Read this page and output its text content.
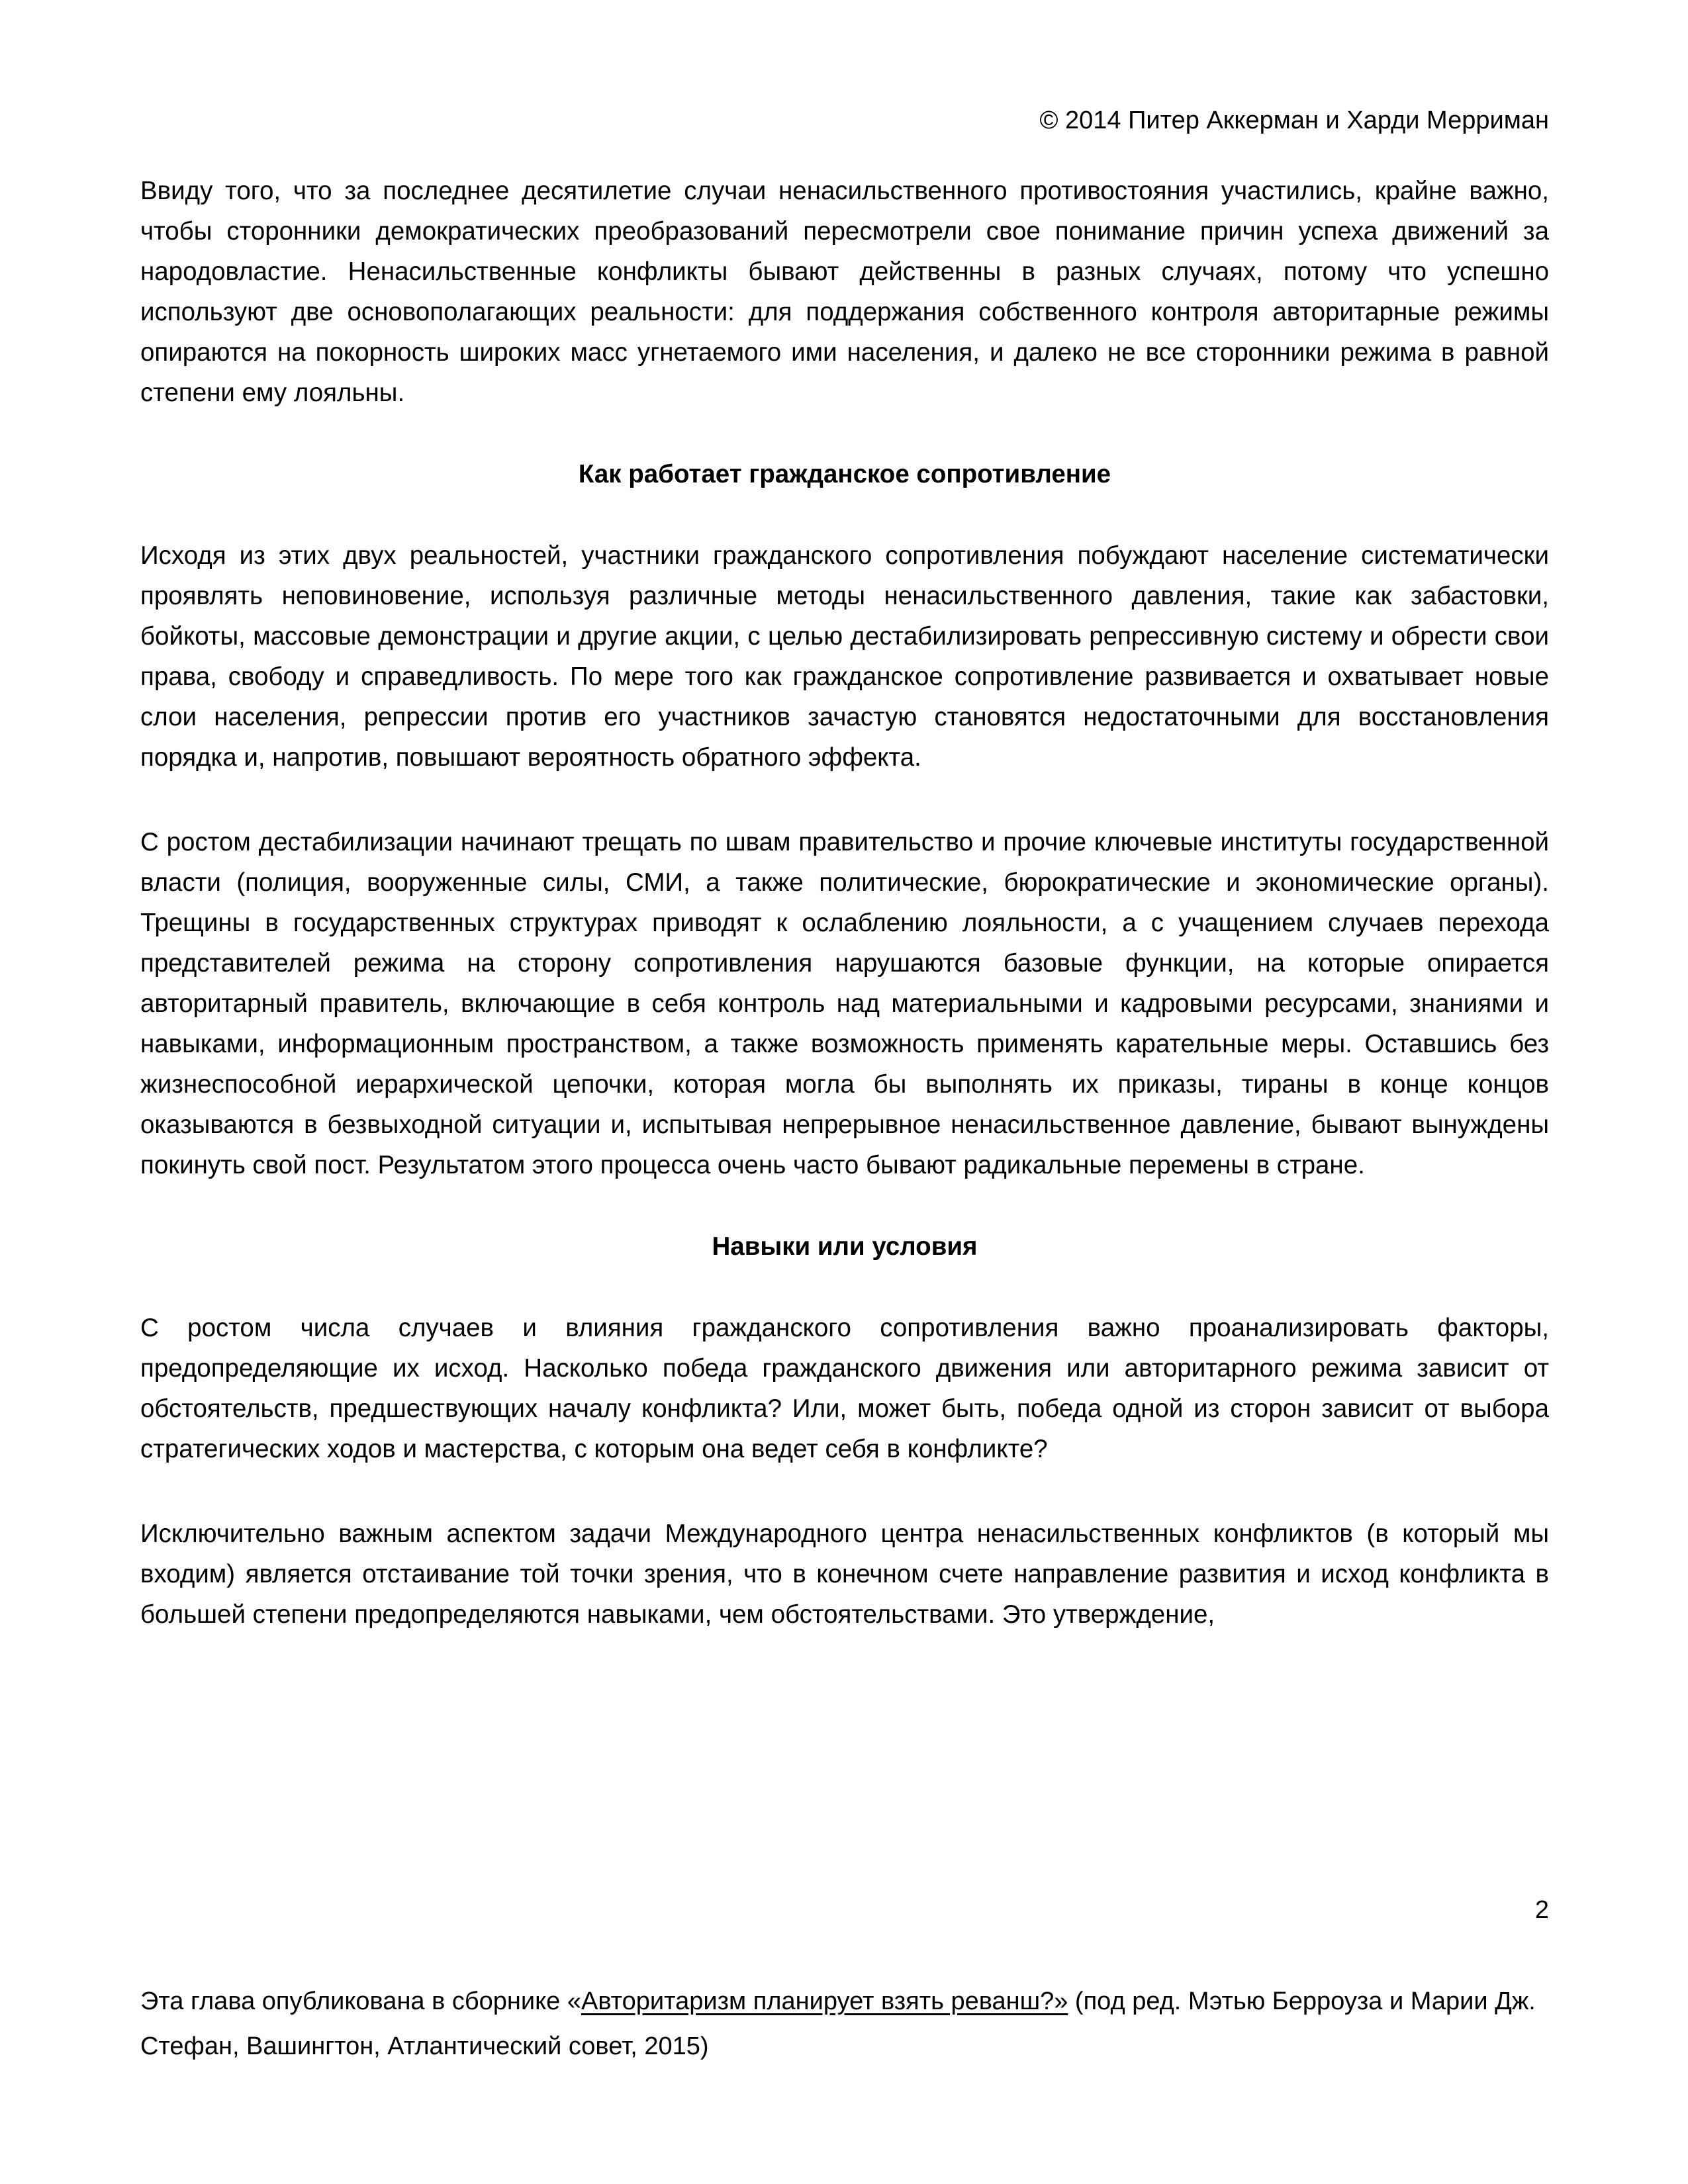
© 2014 Питер Аккерман и Харди Мерриман

Ввиду того, что за последнее десятилетие случаи ненасильственного противостояния участились, крайне важно, чтобы сторонники демократических преобразований пересмотрели свое понимание причин успеха движений за народовластие. Ненасильственные конфликты бывают действенны в разных случаях, потому что успешно используют две основополагающих реальности: для поддержания собственного контроля авторитарные режимы опираются на покорность широких масс угнетаемого ими населения, и далеко не все сторонники режима в равной степени ему лояльны.

Как работает гражданское сопротивление

Исходя из этих двух реальностей, участники гражданского сопротивления побуждают население систематически проявлять неповиновение, используя различные методы ненасильственного давления, такие как забастовки, бойкоты, массовые демонстрации и другие акции, с целью дестабилизировать репрессивную систему и обрести свои права, свободу и справедливость. По мере того как гражданское сопротивление развивается и охватывает новые слои населения, репрессии против его участников зачастую становятся недостаточными для восстановления порядка и, напротив, повышают вероятность обратного эффекта.

С ростом дестабилизации начинают трещать по швам правительство и прочие ключевые институты государственной власти (полиция, вооруженные силы, СМИ, а также политические, бюрократические и экономические органы). Трещины в государственных структурах приводят к ослаблению лояльности, а с учащением случаев перехода представителей режима на сторону сопротивления нарушаются базовые функции, на которые опирается авторитарный правитель, включающие в себя контроль над материальными и кадровыми ресурсами, знаниями и навыками, информационным пространством, а также возможность применять карательные меры. Оставшись без жизнеспособной иерархической цепочки, которая могла бы выполнять их приказы, тираны в конце концов оказываются в безвыходной ситуации и, испытывая непрерывное ненасильственное давление, бывают вынуждены покинуть свой пост. Результатом этого процесса очень часто бывают радикальные перемены в стране.

Навыки или условия

С ростом числа случаев и влияния гражданского сопротивления важно проанализировать факторы, предопределяющие их исход. Насколько победа гражданского движения или авторитарного режима зависит от обстоятельств, предшествующих началу конфликта? Или, может быть, победа одной из сторон зависит от выбора стратегических ходов и мастерства, с которым она ведет себя в конфликте?

Исключительно важным аспектом задачи Международного центра ненасильственных конфликтов (в который мы входим) является отстаивание той точки зрения, что в конечном счете направление развития и исход конфликта в большей степени предопределяются навыками, чем обстоятельствами. Это утверждение,

2
Эта глава опубликована в сборнике «Авторитаризм планирует взять реванш?» (под ред. Мэтью Берроуза и Марии Дж. Стефан, Вашингтон, Атлантический совет, 2015)
